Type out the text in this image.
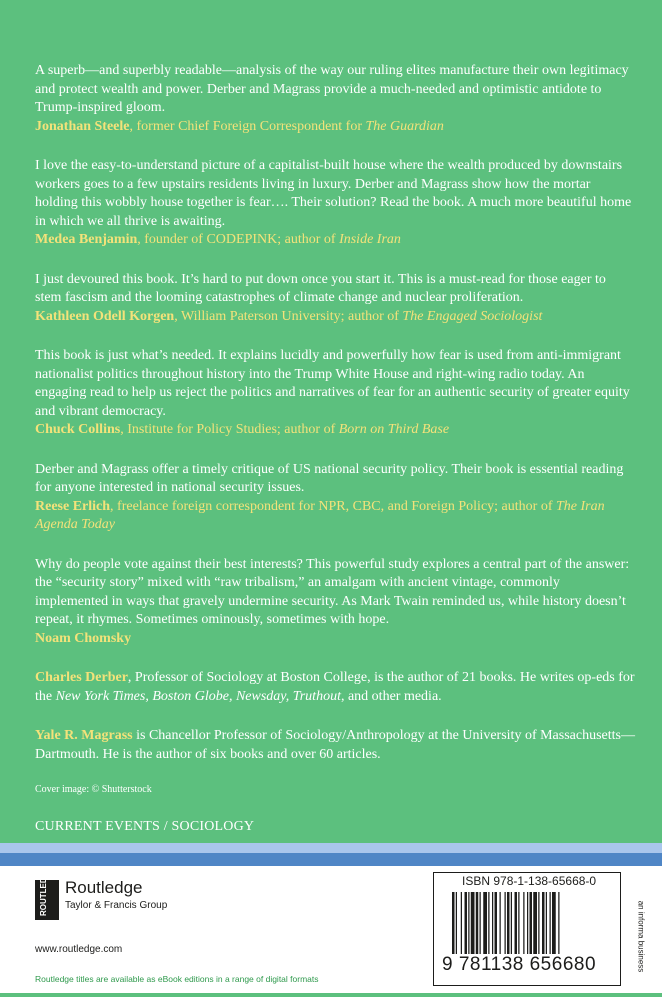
A superb—and superbly readable—analysis of the way our ruling elites manufacture their own legitimacy and protect wealth and power. Derber and Magrass provide a much-needed and optimistic antidote to Trump-inspired gloom.

Jonathan Steele, former Chief Foreign Correspondent for The Guardian

I love the easy-to-understand picture of a capitalist-built house where the wealth produced by downstairs workers goes to a few upstairs residents living in luxury. Derber and Magrass show how the mortar holding this wobbly house together is fear…. Their solution? Read the book. A much more beautiful home in which we all thrive is awaiting.

Medea Benjamin, founder of CODEPINK; author of Inside Iran

I just devoured this book. It’s hard to put down once you start it. This is a must-read for those eager to stem fascism and the looming catastrophes of climate change and nuclear proliferation.

Kathleen Odell Korgen, William Paterson University; author of The Engaged Sociologist

This book is just what’s needed. It explains lucidly and powerfully how fear is used from anti-immigrant nationalist politics throughout history into the Trump White House and right-wing radio today. An engaging read to help us reject the politics and narratives of fear for an authentic security of greater equity and vibrant democracy.

Chuck Collins, Institute for Policy Studies; author of Born on Third Base

Derber and Magrass offer a timely critique of US national security policy. Their book is essential reading for anyone interested in national security issues.

Reese Erlich, freelance foreign correspondent for NPR, CBC, and Foreign Policy; author of The Iran Agenda Today

Why do people vote against their best interests? This powerful study explores a central part of the answer: the “security story” mixed with “raw tribalism,” an amalgam with ancient vintage, commonly implemented in ways that gravely undermine security. As Mark Twain reminded us, while history doesn’t repeat, it rhymes. Sometimes ominously, sometimes with hope.

Noam Chomsky

Charles Derber, Professor of Sociology at Boston College, is the author of 21 books. He writes op-eds for the New York Times, Boston Globe, Newsday, Truthout, and other media.

Yale R. Magrass is Chancellor Professor of Sociology/Anthropology at the University of Massachusetts—Dartmouth. He is the author of six books and over 60 articles.

Cover image: © Shutterstock
CURRENT EVENTS / SOCIOLOGY
ROUTLEDGE Routledge
Taylor & Francis Group
www.routledge.com
Routledge titles are available as eBook editions in a range of digital formats
ISBN 978-1-138-65668-0
9 781138 656680	an informa business
